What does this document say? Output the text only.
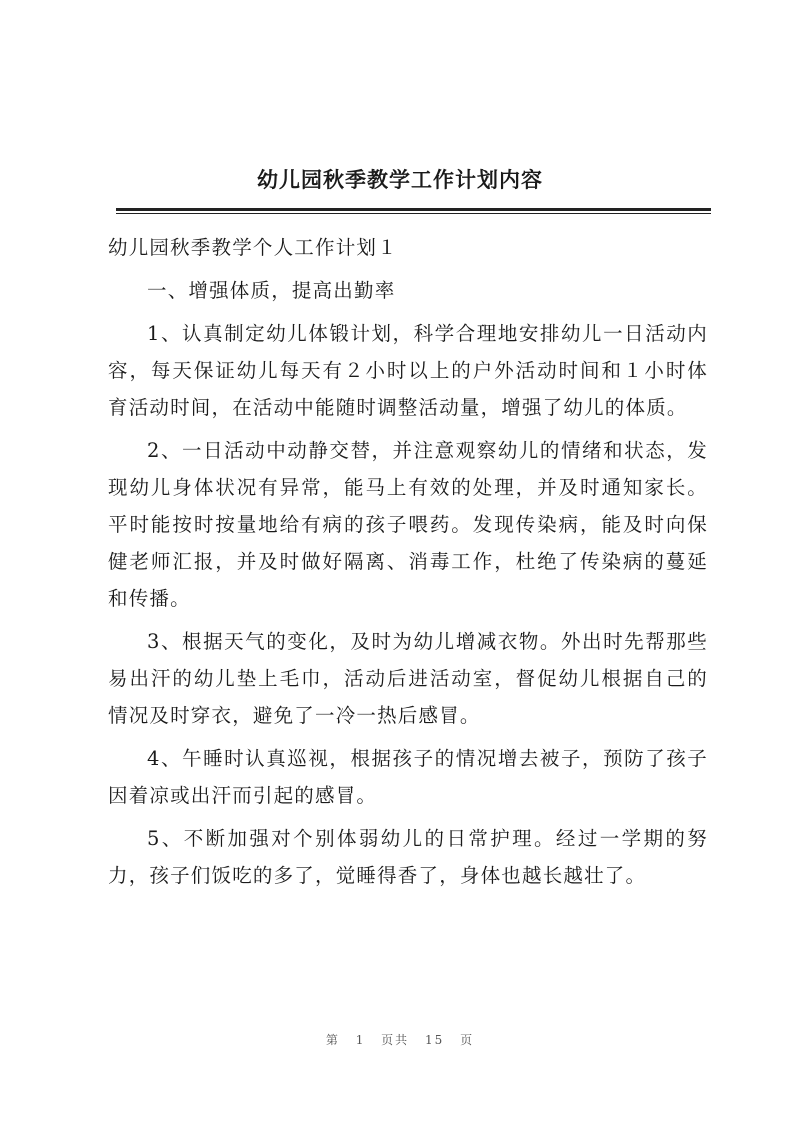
幼儿园秋季教学工作计划内容

幼儿园秋季教学个人工作计划１

一、增强体质，提高出勤率

1、认真制定幼儿体锻计划，科学合理地安排幼儿一日活动内容，每天保证幼儿每天有２小时以上的户外活动时间和１小时体育活动时间，在活动中能随时调整活动量，增强了幼儿的体质。

2、一日活动中动静交替，并注意观察幼儿的情绪和状态，发现幼儿身体状况有异常，能马上有效的处理，并及时通知家长。平时能按时按量地给有病的孩子喂药。发现传染病，能及时向保健老师汇报，并及时做好隔离、消毒工作，杜绝了传染病的蔓延和传播。

3、根据天气的变化，及时为幼儿增减衣物。外出时先帮那些易出汗的幼儿垫上毛巾，活动后进活动室，督促幼儿根据自己的情况及时穿衣，避免了一冷一热后感冒。

4、午睡时认真巡视，根据孩子的情况增去被子，预防了孩子因着凉或出汗而引起的感冒。

5、不断加强对个别体弱幼儿的日常护理。经过一学期的努力，孩子们饭吃的多了，觉睡得香了，身体也越长越壮了。

第 1 页共 15 页
